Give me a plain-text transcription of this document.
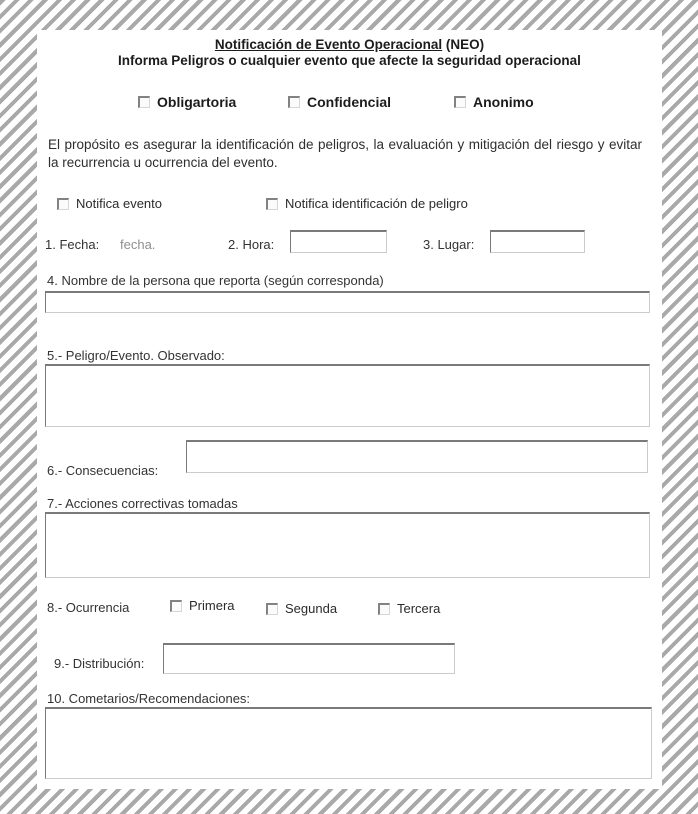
Notificación de Evento Operacional (NEO)
Informa Peligros o cualquier evento que afecte la seguridad operacional
Obligartoria	Confidencial	Anonimo
El propósito es asegurar la identificación de peligros, la evaluación y mitigación del riesgo y evitar la recurrencia u ocurrencia del evento.
Notifica evento	Notifica identificación de peligro
1. Fecha: fecha.	2. Hora:	3. Lugar:
4. Nombre de la persona que reporta (según corresponda)
5.- Peligro/Evento. Observado:
6.- Consecuencias:
7.- Acciones correctivas tomadas
8.- Ocurrencia	Primera	Segunda	Tercera
9.- Distribución:
10. Cometarios/Recomendaciones:
